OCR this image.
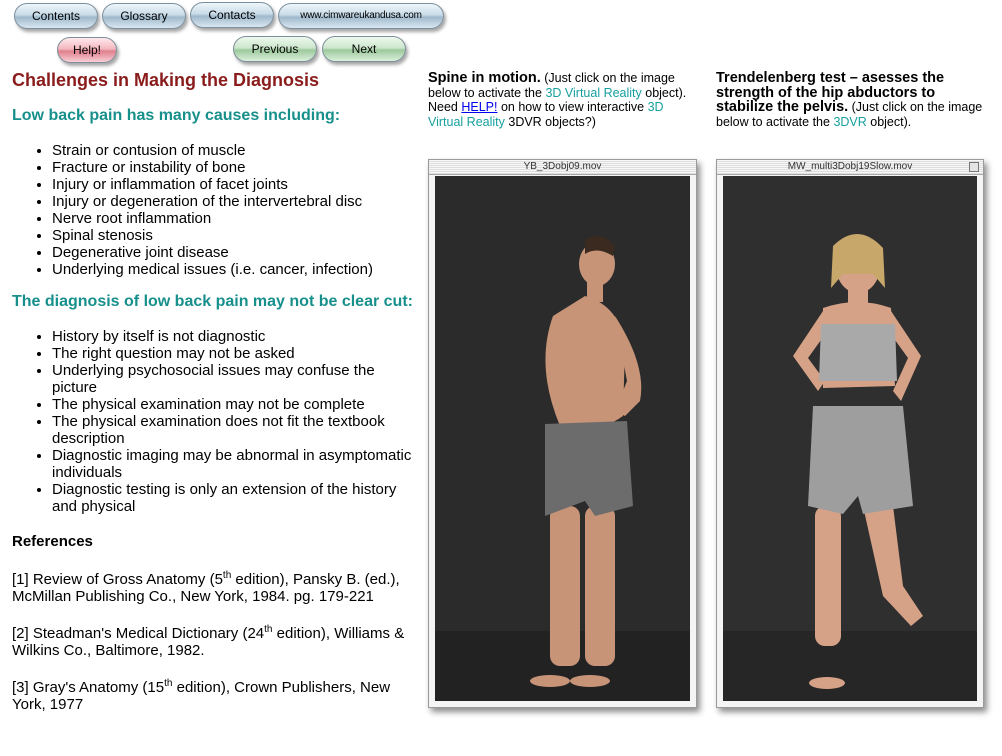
Contents	Glossary	Contacts	www.cimwareukandusa.com
Help!	Previous	Next
Challenges in Making the Diagnosis
Low back pain has many causes including:
• Strain or contusion of muscle
• Fracture or instability of bone
• Injury or inflammation of facet joints
• Injury or degeneration of the intervertebral disc
• Nerve root inflammation
• Spinal stenosis
• Degenerative joint disease
• Underlying medical issues (i.e. cancer, infection)
The diagnosis of low back pain may not be clear cut:
• History by itself is not diagnostic
• The right question may not be asked
• Underlying psychosocial issues may confuse the picture
• The physical examination may not be complete
• The physical examination does not fit the textbook description
• Diagnostic imaging may be abnormal in asymptomatic individuals
• Diagnostic testing is only an extension of the history and physical

References

[1] Review of Gross Anatomy (5th edition), Pansky B. (ed.), McMillan Publishing Co., New York, 1984. pg. 179-221

[2] Steadman's Medical Dictionary (24th edition), Williams & Wilkins Co., Baltimore, 1982.

[3] Gray's Anatomy (15th edition), Crown Publishers, New York, 1977

Spine in motion. (Just click on the image below to activate the 3D Virtual Reality object). Need HELP! on how to view interactive 3D Virtual Reality 3DVR objects?)
Trendelenberg test – asesses the strength of the hip abductors to stabilize the pelvis. (Just click on the image below to activate the 3DVR object).
YB_3Dobj09.mov	MW_multi3Dobj19Slow.mov
